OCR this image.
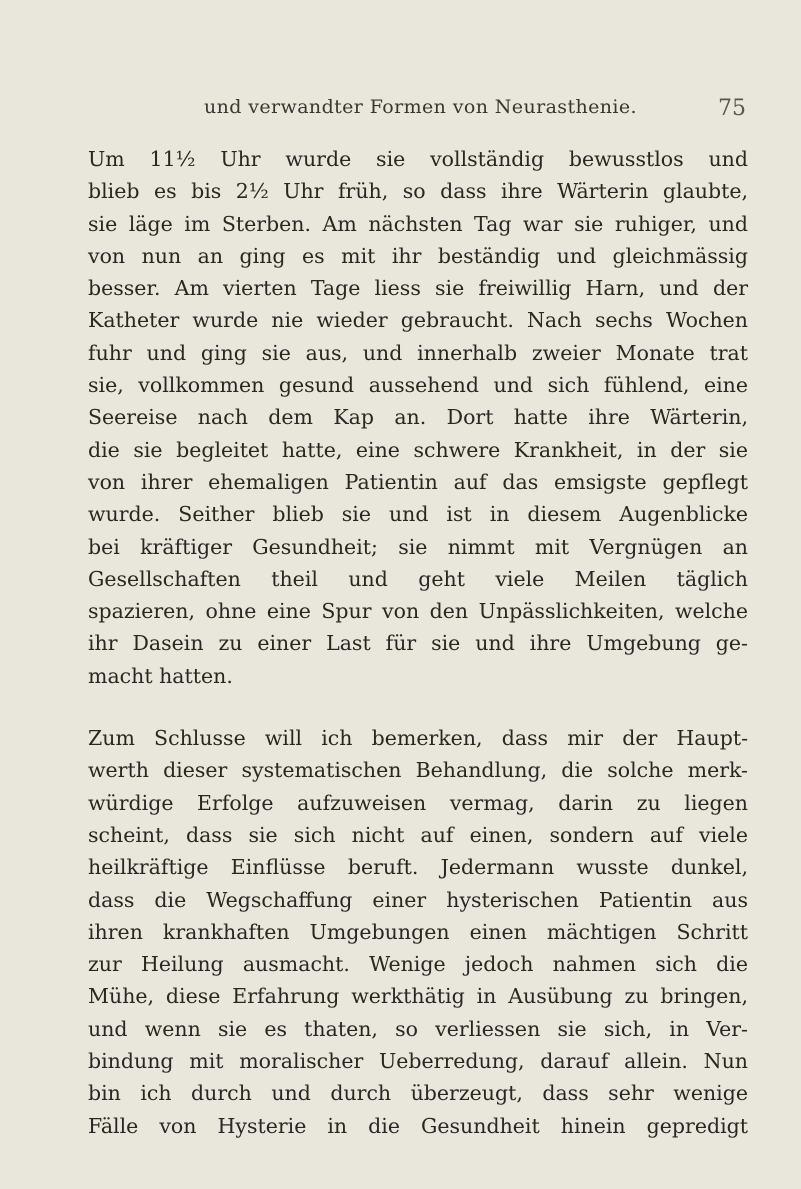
und verwandter Formen von Neurasthenie.	75

Um 11½ Uhr wurde sie vollständig bewusstlos und
blieb es bis 2½ Uhr früh, so dass ihre Wärterin glaubte,
sie läge im Sterben. Am nächsten Tag war sie ruhiger, und
von nun an ging es mit ihr beständig und gleichmässig
besser. Am vierten Tage liess sie freiwillig Harn, und der
Katheter wurde nie wieder gebraucht. Nach sechs Wochen
fuhr und ging sie aus, und innerhalb zweier Monate trat
sie, vollkommen gesund aussehend und sich fühlend, eine
Seereise nach dem Kap an. Dort hatte ihre Wärterin,
die sie begleitet hatte, eine schwere Krankheit, in der sie
von ihrer ehemaligen Patientin auf das emsigste gepflegt
wurde. Seither blieb sie und ist in diesem Augenblicke
bei kräftiger Gesundheit; sie nimmt mit Vergnügen an
Gesellschaften theil und geht viele Meilen täglich
spazieren, ohne eine Spur von den Unpässlichkeiten, welche
ihr Dasein zu einer Last für sie und ihre Umgebung ge-
macht hatten.

Zum Schlusse will ich bemerken, dass mir der Haupt-
werth dieser systematischen Behandlung, die solche merk-
würdige Erfolge aufzuweisen vermag, darin zu liegen
scheint, dass sie sich nicht auf einen, sondern auf viele
heilkräftige Einflüsse beruft. Jedermann wusste dunkel,
dass die Wegschaffung einer hysterischen Patientin aus
ihren krankhaften Umgebungen einen mächtigen Schritt
zur Heilung ausmacht. Wenige jedoch nahmen sich die
Mühe, diese Erfahrung werkthätig in Ausübung zu bringen,
und wenn sie es thaten, so verliessen sie sich, in Ver-
bindung mit moralischer Ueberredung, darauf allein. Nun
bin ich durch und durch überzeugt, dass sehr wenige
Fälle von Hysterie in die Gesundheit hinein gepredigt
